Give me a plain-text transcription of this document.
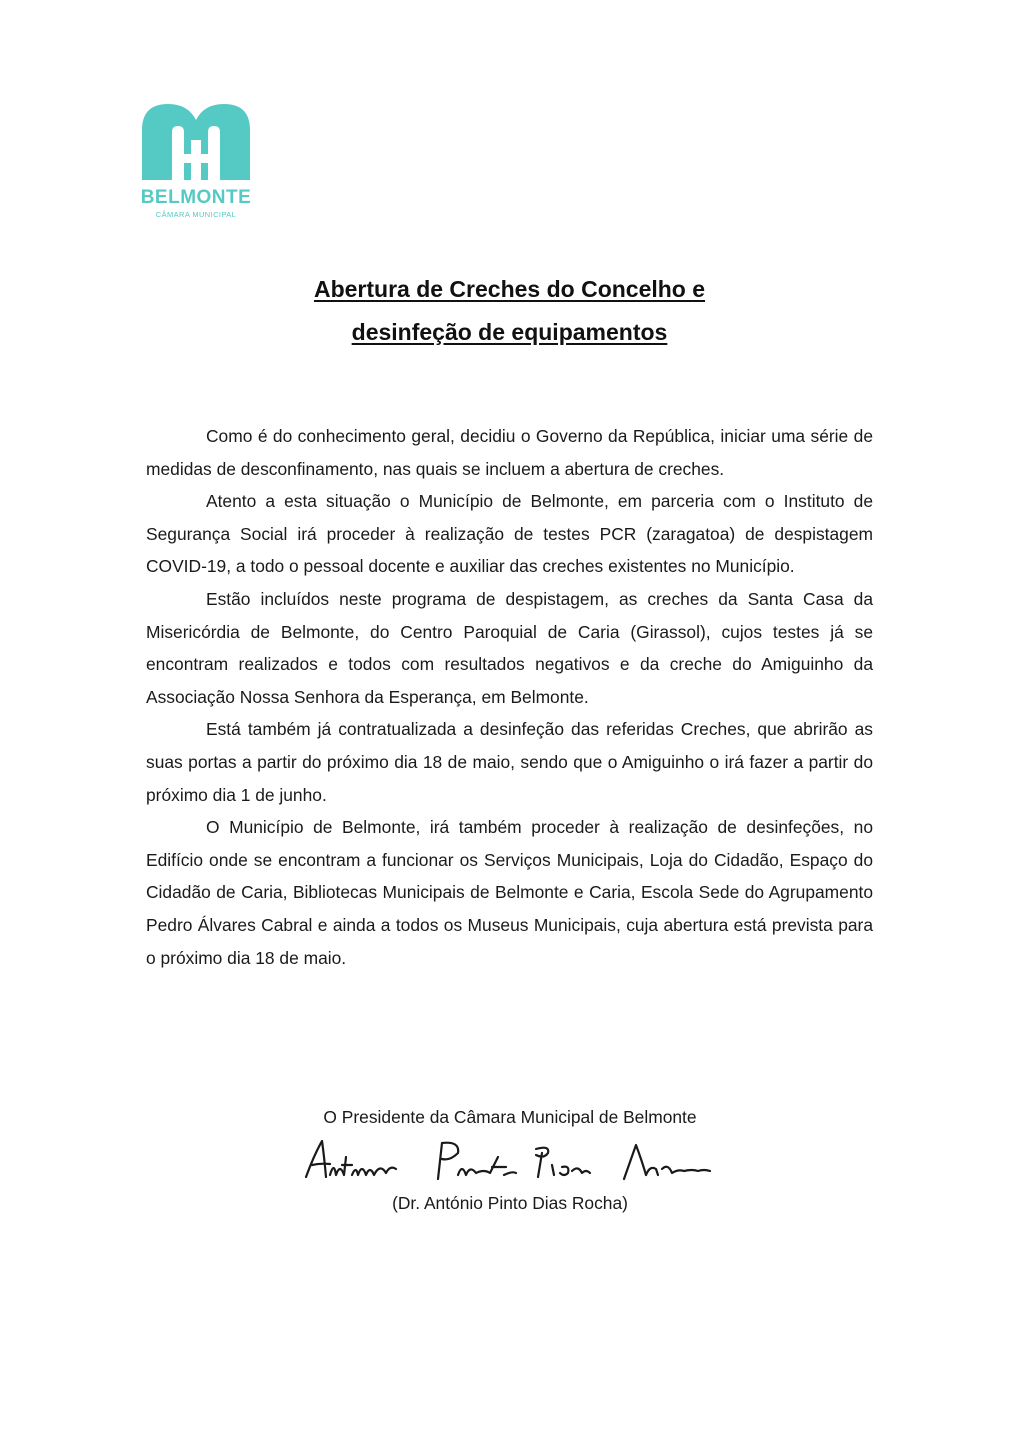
BELMONTE
CÂMARA MUNICIPAL
Abertura de Creches do Concelho e
desinfeção de equipamentos

Como é do conhecimento geral, decidiu o Governo da República, iniciar uma série de medidas de desconfinamento, nas quais se incluem a abertura de creches.

Atento a esta situação o Município de Belmonte, em parceria com o Instituto de Segurança Social irá proceder à realização de testes PCR (zaragatoa) de despistagem COVID-19, a todo o pessoal docente e auxiliar das creches existentes no Município.

Estão incluídos neste programa de despistagem, as creches da Santa Casa da Misericórdia de Belmonte, do Centro Paroquial de Caria (Girassol), cujos testes já se encontram realizados e todos com resultados negativos e da creche do Amiguinho da Associação Nossa Senhora da Esperança, em Belmonte.

Está também já contratualizada a desinfeção das referidas Creches, que abrirão as suas portas a partir do próximo dia 18 de maio, sendo que o Amiguinho o irá fazer a partir do próximo dia 1 de junho.

O Município de Belmonte, irá também proceder à realização de desinfeções, no Edifício onde se encontram a funcionar os Serviços Municipais, Loja do Cidadão, Espaço do Cidadão de Caria, Bibliotecas Municipais de Belmonte e Caria, Escola Sede do Agrupamento Pedro Álvares Cabral e ainda a todos os Museus Municipais, cuja abertura está prevista para o próximo dia 18 de maio.

O Presidente da Câmara Municipal de Belmonte
(Dr. António Pinto Dias Rocha)
